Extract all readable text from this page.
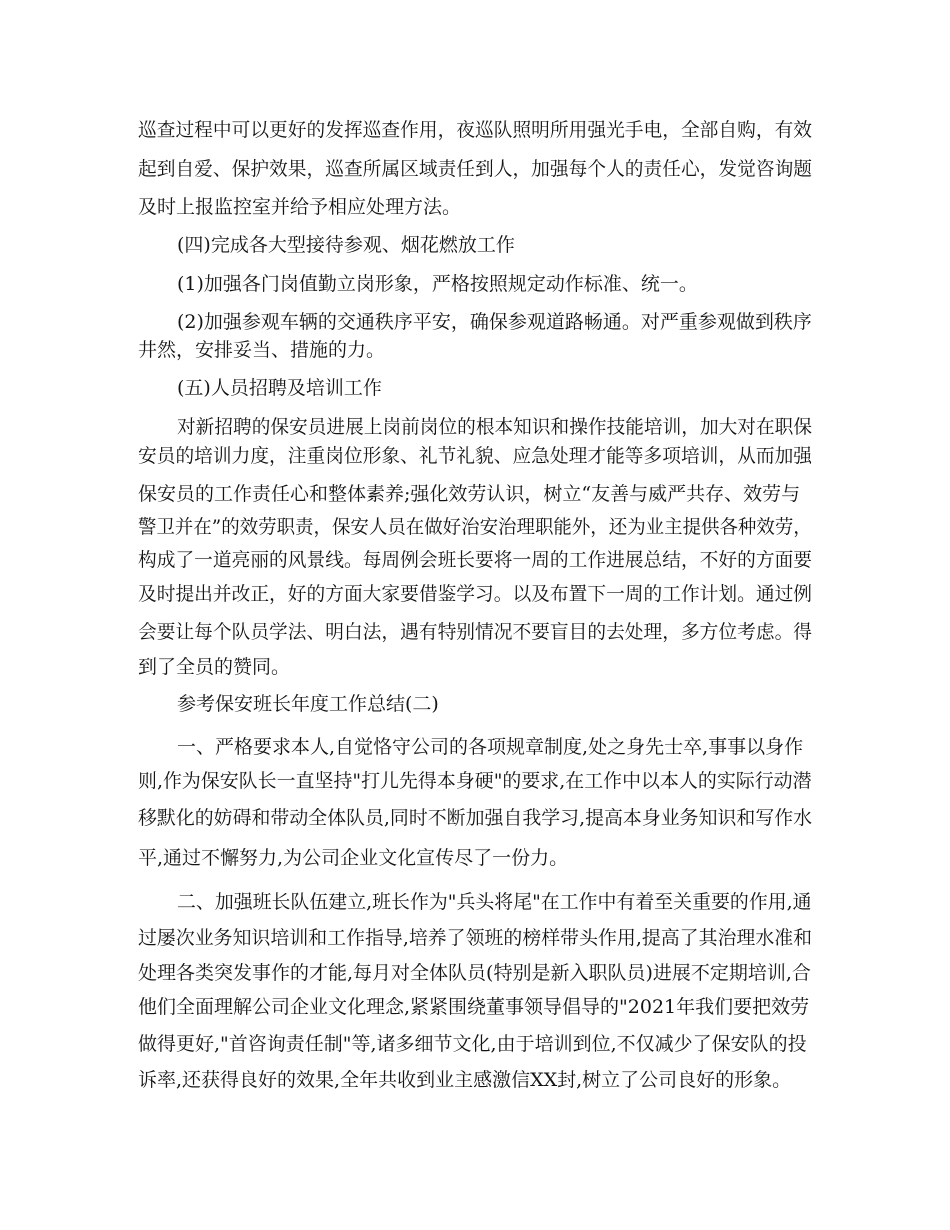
巡查过程中可以更好的发挥巡查作用，夜巡队照明所用强光手电，全部自购，有效
起到自爱、保护效果，巡查所属区域责任到人，加强每个人的责任心，发觉咨询题
及时上报监控室并给予相应处理方法。
(四)完成各大型接待参观、烟花燃放工作
(1)加强各门岗值勤立岗形象，严格按照规定动作标准、统一。
(2)加强参观车辆的交通秩序平安，确保参观道路畅通。对严重参观做到秩序
井然，安排妥当、措施的力。
(五)人员招聘及培训工作
对新招聘的保安员进展上岗前岗位的根本知识和操作技能培训，加大对在职保
安员的培训力度，注重岗位形象、礼节礼貌、应急处理才能等多项培训，从而加强
保安员的工作责任心和整体素养;强化效劳认识，树立“友善与威严共存、效劳与
警卫并在”的效劳职责，保安人员在做好治安治理职能外，还为业主提供各种效劳，
构成了一道亮丽的风景线。每周例会班长要将一周的工作进展总结，不好的方面要
及时提出并改正，好的方面大家要借鉴学习。以及布置下一周的工作计划。通过例
会要让每个队员学法、明白法，遇有特别情况不要盲目的去处理，多方位考虑。得
到了全员的赞同。
参考保安班长年度工作总结(二)
一、严格要求本人,自觉恪守公司的各项规章制度,处之身先士卒,事事以身作
则,作为保安队长一直坚持"打儿先得本身硬"的要求,在工作中以本人的实际行动潜
移默化的妨碍和带动全体队员,同时不断加强自我学习,提高本身业务知识和写作水
平,通过不懈努力,为公司企业文化宣传尽了一份力。
二、加强班长队伍建立,班长作为"兵头将尾"在工作中有着至关重要的作用,通
过屡次业务知识培训和工作指导,培养了领班的榜样带头作用,提高了其治理水准和
处理各类突发事作的才能,每月对全体队员(特别是新入职队员)进展不定期培训,合
他们全面理解公司企业文化理念,紧紧围绕董事领导倡导的"2021年我们要把效劳
做得更好,"首咨询责任制"等,诸多细节文化,由于培训到位,不仅减少了保安队的投
诉率,还获得良好的效果,全年共收到业主感激信XX封,树立了公司良好的形象。
